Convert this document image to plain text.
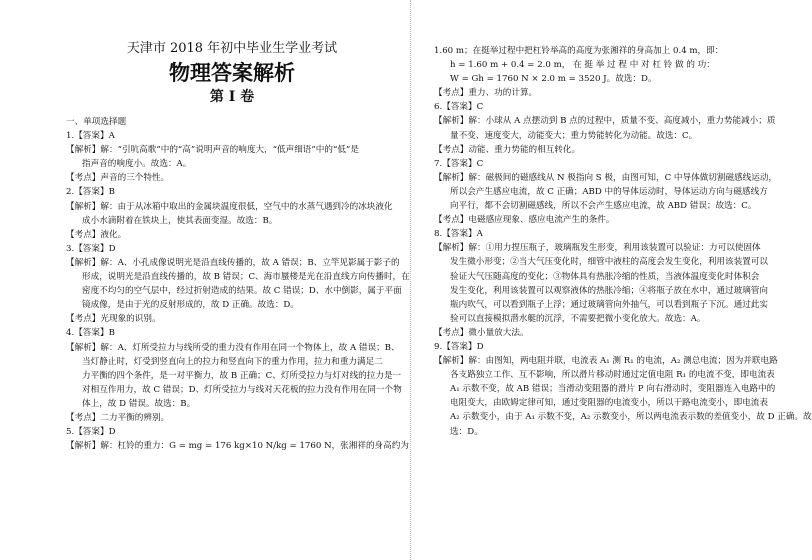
天津市 2018 年初中毕业生学业考试
物理答案解析
第 Ⅰ 卷
一、单项选择题
1.【答案】A
【解析】解：“引吭高歌”中的“高”说明声音的响度大，“低声细语”中的“低”是
指声音的响度小。故选：A。
【考点】声音的三个特性。
2.【答案】B
【解析】解：由于从冰箱中取出的金属块温度很低，空气中的水蒸气遇到冷的冰块液化
成小水滴附着在铁块上，使其表面变湿。故选：B。
【考点】液化。
3.【答案】D
【解析】解：A、小孔成像说明光是沿直线传播的，故 A 错误；B、立竿见影属于影子的
形成，说明光是沿直线传播的，故 B 错误；C、海市蜃楼是光在沿直线方向传播时，在
密度不均匀的空气层中，经过折射造成的结果。故 C 错误；D、水中倒影，属于平面
镜成像，是由于光的反射形成的，故 D 正确。故选：D。
【考点】光现象的识别。
4.【答案】B
【解析】解：A、灯所受拉力与线所受的重力没有作用在同一个物体上，故 A 错误；B、
当灯静止时，灯受到竖直向上的拉力和竖直向下的重力作用，拉力和重力满足二
力平衡的四个条件，是一对平衡力，故 B 正确；C、灯所受拉力与灯对线的拉力是一
对相互作用力，故 C 错误；D、灯所受拉力与线对天花板的拉力没有作用在同一个物
体上，故 D 错误。故选：B。
【考点】二力平衡的辨别。
5.【答案】D
【解析】解：杠铃的重力：G = mg = 176 kg×10 N/kg = 1760 N，张湘祥的身高约为
1.60 m；在挺举过程中把杠铃举高的高度为张湘祥的身高加上 0.4 m，即：
h = 1.60 m + 0.4 = 2.0 m， 在 挺 举 过 程 中 对 杠 铃 做 的 功：
W = Gh = 1760 N × 2.0 m = 3520 J。故选：D。
【考点】重力、功的计算。
6.【答案】C
【解析】解：小球从 A 点摆动到 B 点的过程中，质量不变、高度减小，重力势能减小；质
量不变、速度变大，动能变大；重力势能转化为动能。故选：C。
【考点】动能、重力势能的相互转化。
7.【答案】C
【解析】解：磁极间的磁感线从 N 极指向 S 极，由图可知，C 中导体做切割磁感线运动，
所以会产生感应电流，故 C 正确；ABD 中的导体运动时，导体运动方向与磁感线方
向平行，都不会切割磁感线，所以不会产生感应电流，故 ABD 错误；故选：C。
【考点】电磁感应现象、感应电流产生的条件。
8.【答案】A
【解析】解：①用力捏压瓶子，玻璃瓶发生形变，利用该装置可以验证：力可以使固体
发生微小形变；②当大气压变化时，细管中液柱的高度会发生变化，利用该装置可以
验证大气压随高度的变化；③物体具有热胀冷缩的性质，当液体温度变化时体积会
发生变化，利用该装置可以观察液体的热胀冷缩；④将瓶子放在水中，通过玻璃管向
瓶内吹气，可以看到瓶子上浮；通过玻璃管向外抽气，可以看到瓶子下沉。通过此实
验可以直接模拟潜水艇的沉浮，不需要把微小变化放大。故选：A。
【考点】微小量放大法。
9.【答案】D
【解析】解：由图知，两电阻并联，电流表 A₁ 测 R₁ 的电流，A₂ 测总电流；因为并联电路
各支路独立工作、互不影响，所以滑片移动时通过定值电阻 R₁ 的电流不变，即电流表
A₁ 示数不变，故 AB 错误；当滑动变阻器的滑片 P 向右滑动时，变阻器连入电路中的
电阻变大，由欧姆定律可知，通过变阻器的电流变小，所以干路电流变小，即电流表
A₂ 示数变小，由于 A₁ 示数不变，A₂ 示数变小，所以两电流表示数的差值变小，故 D 正确。故
选：D。
